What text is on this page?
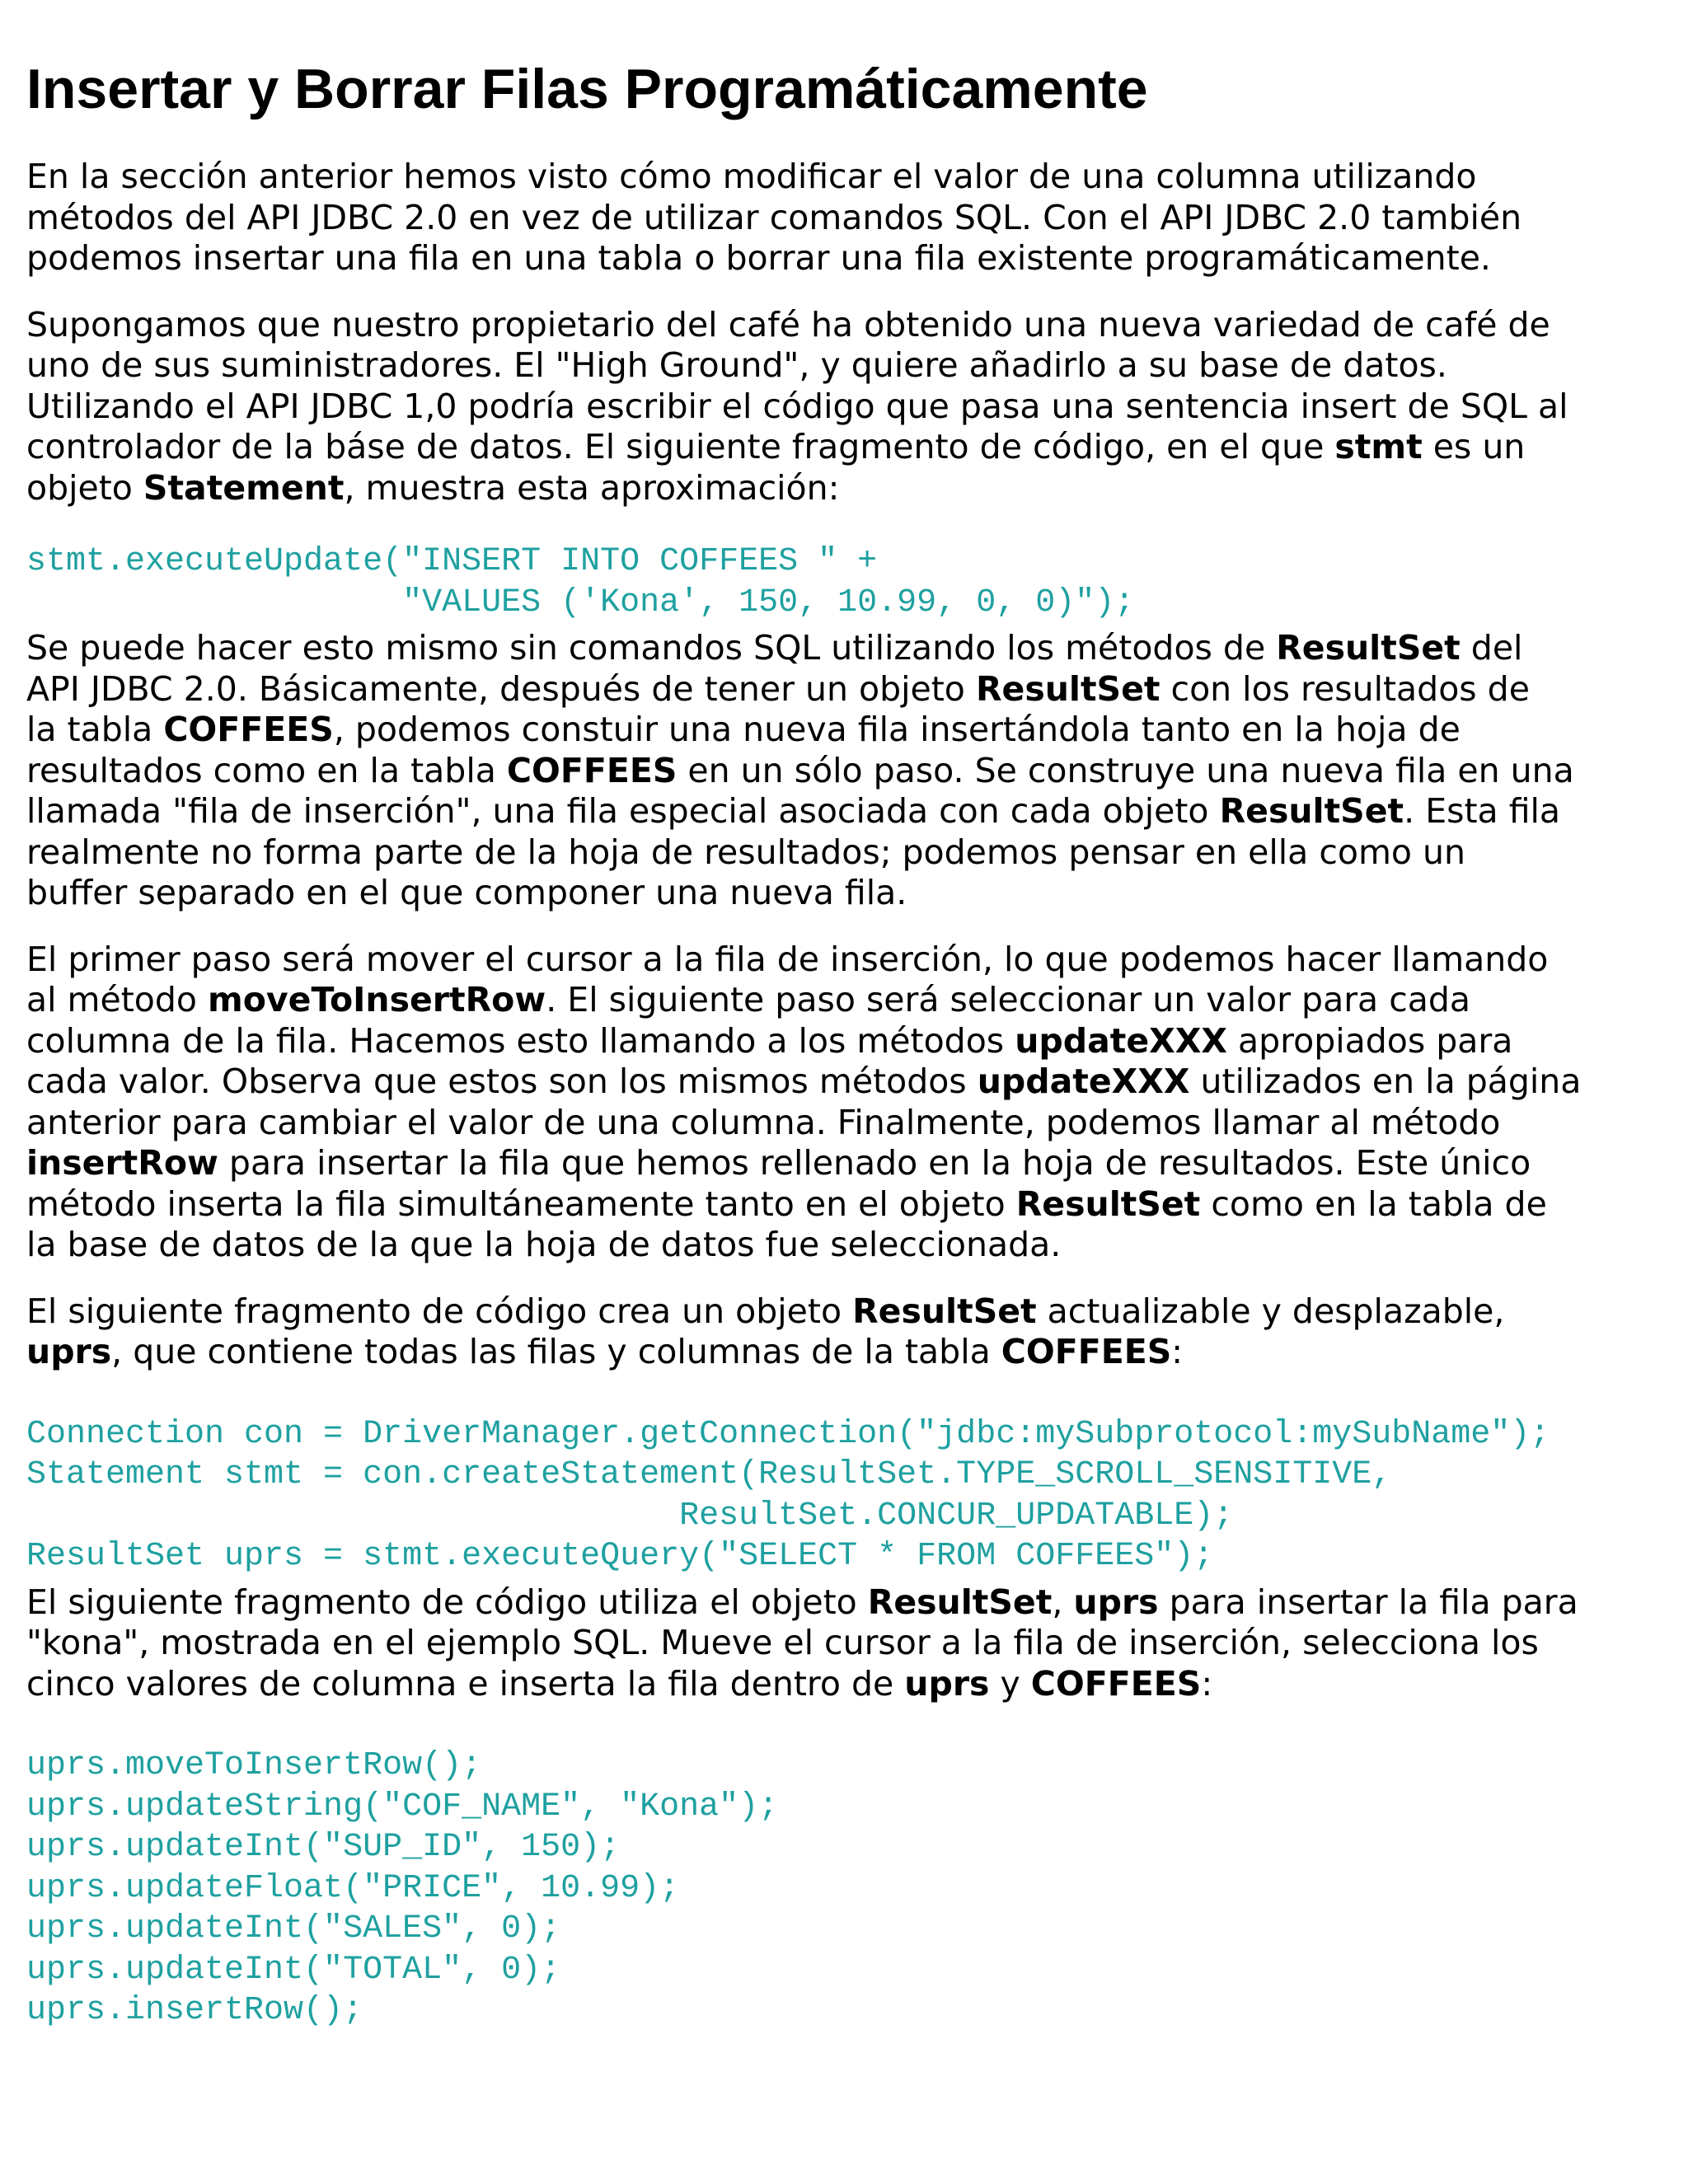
Insertar y Borrar Filas Programáticamente

En la sección anterior hemos visto cómo modificar el valor de una columna utilizando
métodos del API JDBC 2.0 en vez de utilizar comandos SQL. Con el API JDBC 2.0 también
podemos insertar una fila en una tabla o borrar una fila existente programáticamente.

Supongamos que nuestro propietario del café ha obtenido una nueva variedad de café de
uno de sus suministradores. El "High Ground", y quiere añadirlo a su base de datos.
Utilizando el API JDBC 1,0 podría escribir el código que pasa una sentencia insert de SQL al
controlador de la báse de datos. El siguiente fragmento de código, en el que stmt es un
objeto Statement, muestra esta aproximación:

stmt.executeUpdate("INSERT INTO COFFEES " +
"VALUES ('Kona', 150, 10.99, 0, 0)");

Se puede hacer esto mismo sin comandos SQL utilizando los métodos de ResultSet del
API JDBC 2.0. Básicamente, después de tener un objeto ResultSet con los resultados de
la tabla COFFEES, podemos constuir una nueva fila insertándola tanto en la hoja de
resultados como en la tabla COFFEES en un sólo paso. Se construye una nueva fila en una
llamada "fila de inserción", una fila especial asociada con cada objeto ResultSet. Esta fila
realmente no forma parte de la hoja de resultados; podemos pensar en ella como un
buffer separado en el que componer una nueva fila.

El primer paso será mover el cursor a la fila de inserción, lo que podemos hacer llamando
al método moveToInsertRow. El siguiente paso será seleccionar un valor para cada
columna de la fila. Hacemos esto llamando a los métodos updateXXX apropiados para
cada valor. Observa que estos son los mismos métodos updateXXX utilizados en la página
anterior para cambiar el valor de una columna. Finalmente, podemos llamar al método
insertRow para insertar la fila que hemos rellenado en la hoja de resultados. Este único
método inserta la fila simultáneamente tanto en el objeto ResultSet como en la tabla de
la base de datos de la que la hoja de datos fue seleccionada.

El siguiente fragmento de código crea un objeto ResultSet actualizable y desplazable,
uprs, que contiene todas las filas y columnas de la tabla COFFEES:

Connection con = DriverManager.getConnection("jdbc:mySubprotocol:mySubName");
Statement stmt = con.createStatement(ResultSet.TYPE_SCROLL_SENSITIVE,
ResultSet.CONCUR_UPDATABLE);
ResultSet uprs = stmt.executeQuery("SELECT * FROM COFFEES");

El siguiente fragmento de código utiliza el objeto ResultSet, uprs para insertar la fila para
"kona", mostrada en el ejemplo SQL. Mueve el cursor a la fila de inserción, selecciona los
cinco valores de columna e inserta la fila dentro de uprs y COFFEES:

uprs.moveToInsertRow();
uprs.updateString("COF_NAME", "Kona");
uprs.updateInt("SUP_ID", 150);
uprs.updateFloat("PRICE", 10.99);
uprs.updateInt("SALES", 0);
uprs.updateInt("TOTAL", 0);
uprs.insertRow();
